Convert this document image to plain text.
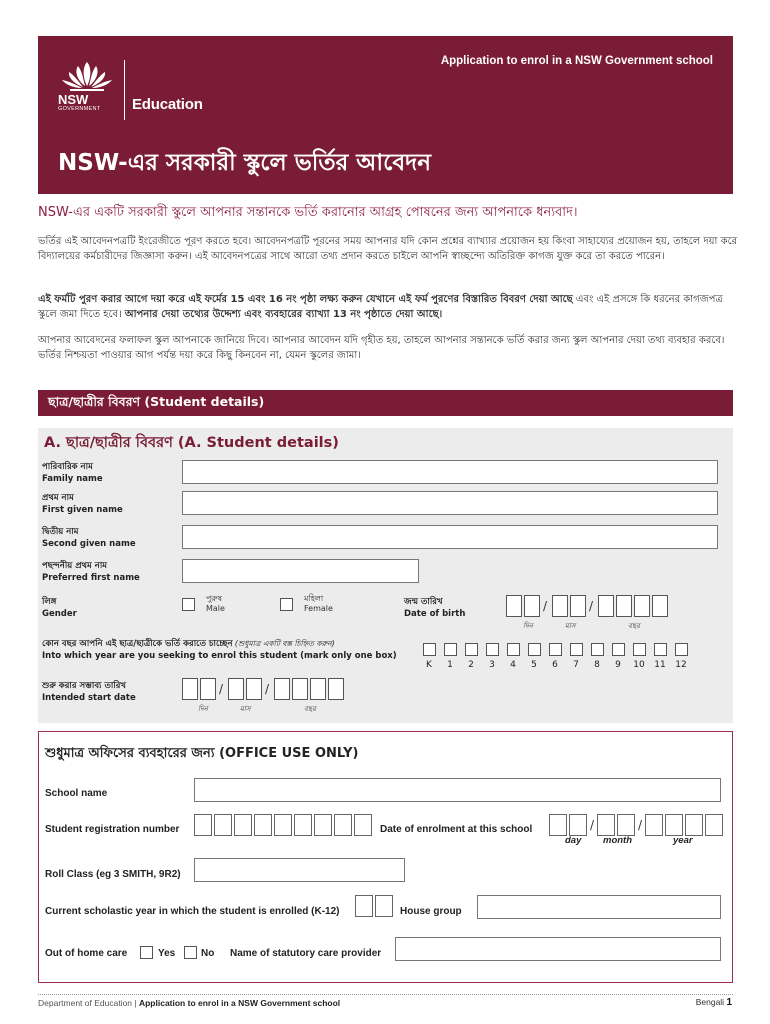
NSW
GOVERNMENT Education
Application to enrol in a NSW Government school
NSW-এর সরকারী স্কুলে ভর্তির আবেদন
NSW-এর একটি সরকারী স্কুলে আপনার সন্তানকে ভর্তি করানোর আগ্রহ পোষনের জন্য আপনাকে ধন্যবাদ।
ভর্তির এই আবেদনপত্রটি ইংরেজীতে পূরণ করতে হবে। আবেদনপত্রটি পূরনের সময় আপনার যদি কোন প্রশ্নের ব্যাখ্যার প্রয়োজন হয় কিংবা সাহায্যের প্রয়োজন হয়, তাহলে দয়া করে বিদ্যালয়ের কর্মচারীদের জিজ্ঞাসা করুন। এই আবেদনপত্রের সাথে আরো তথ্য প্রদান করতে চাইলে আপনি স্বাচ্ছন্দ্যে অতিরিক্ত কাগজ যুক্ত করে তা করতে পারেন।
এই ফর্মটি পুরণ করার আগে দয়া করে এই ফর্মের 15 এবং 16 নং পৃষ্ঠা লক্ষ্য করুন যেখানে এই ফর্ম পুরণের বিস্তারিত বিবরণ দেয়া আছে এবং এই প্রসঙ্গে কি ধরনের কাগজপত্র স্কুলে জমা দিতে হবে। আপনার দেয়া তথ্যের উদ্দেশ্য এবং ব্যবহারের ব্যাখ্যা 13 নং পৃষ্ঠাতে দেয়া আছে।
আপনার আবেদনের ফলাফল স্কুল আপনাকে জানিয়ে দিবে। আপনার আবেদন যদি গৃহীত হয়, তাহলে আপনার সন্তানকে ভর্তি করার জন্য স্কুল আপনার দেয়া তথ্য ব্যবহার করবে। ভর্তির নিশ্চয়তা পাওয়ার আগ পর্যন্ত দয়া করে কিছু কিনবেন না, যেমন স্কুলের জামা।
ছাত্র/ছাত্রীর বিবরণ (Student details)
A. ছাত্র/ছাত্রীর বিবরণ (A. Student details)
পারিবারিক নাম
Family name
প্রথম নাম
First given name
দ্বিতীয় নাম
Second given name
পছন্দনীয় প্রথম নাম
Preferred first name
লিঙ্গ
Gender
পুরুষ
Male
মহিলা
Female
জন্ম তারিখ
Date of birth
/	/
দিন	মাস	বছর
কোন বছর আপনি এই ছাত্র/ছাত্রীকে ভর্তি করাতে চাচ্ছেন (শুধুমাত্র একটি বক্স চিহ্নিত করুন)
Into which year are you seeking to enrol this student (mark only one box)
K	1	2	3	4	5	6	7	8	9	10 11 12
শুরু করার সম্ভাব্য তারিখ
Intended start date
/	/
দিন	মাস	বছর
শুধুমাত্র অফিসের ব্যবহারের জন্য (OFFICE USE ONLY)
School name
Student registration number	Date of enrolment at this school	/	/
day month	year
Roll Class (eg 3 SMITH, 9R2)
Current scholastic year in which the student is enrolled (K-12)	House group
Out of home care	Yes	No Name of statutory care provider
Department of Education | Application to enrol in a NSW Government school	Bengali 1
